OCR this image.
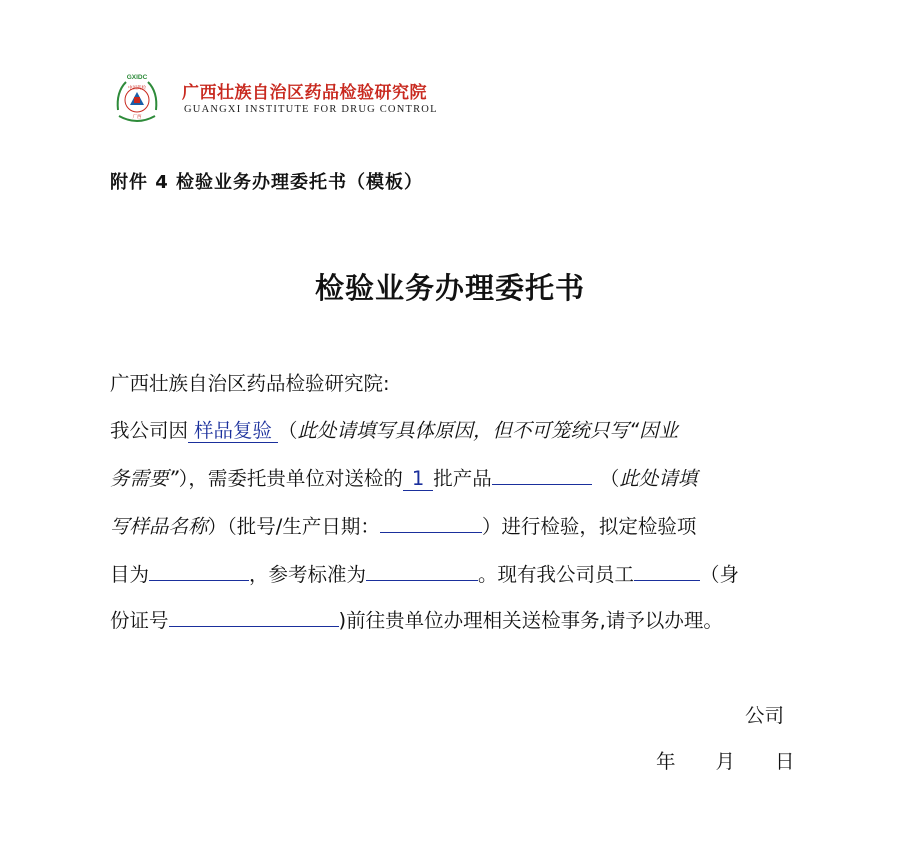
GXIDC
中国药检
广西
广西壮族自治区药品检验研究院
GUANGXI INSTITUTE FOR DRUG CONTROL
附件 4 检验业务办理委托书（模板）
检验业务办理委托书
广西壮族自治区药品检验研究院:
我公司因 样品复验 （此处请填写具体原因，但不可笼统只写“因业
务需要”），需委托贵单位对送检的 1 批产品	（此处请填
写样品名称）（批号/生产日期：	）进行检验，拟定检验项
目为	，参考标准为	。现有我公司员工	（身
份证号	)前往贵单位办理相关送检事务,请予以办理。
公司
年 月 日
